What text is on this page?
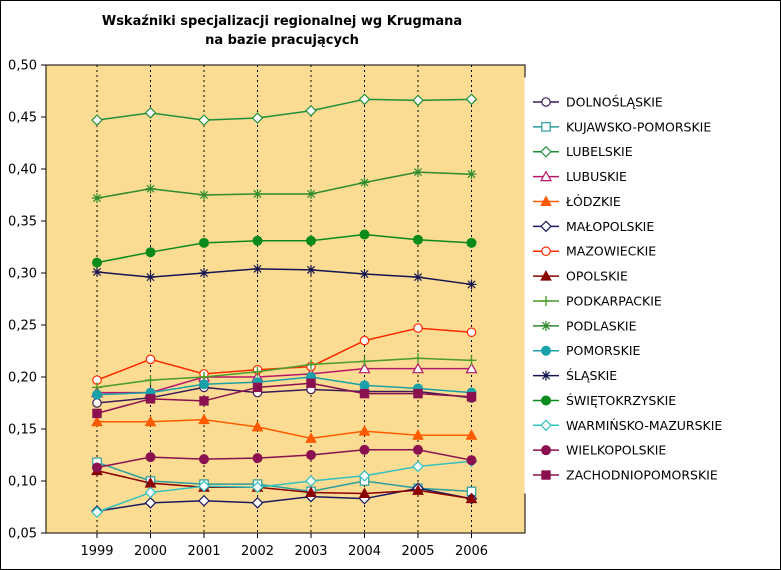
Wskaźniki specjalizacji regionalnej wg Krugmana
na bazie pracujących
0,05
0,10
0,15
0,20
0,25
0,30
0,35
0,40
0,45
0,50
1999 2000 2001 2002 2003 2004 2005 2006
DOLNOŚLĄSKIE
KUJAWSKO-POMORSKIE
LUBELSKIE
LUBUSKIE
ŁÓDZKIE
MAŁOPOLSKIE
MAZOWIECKIE
OPOLSKIE
PODKARPACKIE
PODLASKIE
POMORSKIE
ŚLĄSKIE
ŚWIĘTOKRZYSKIE
WARMIŃSKO-MAZURSKIE
WIELKOPOLSKIE
ZACHODNIOPOMORSKIE
